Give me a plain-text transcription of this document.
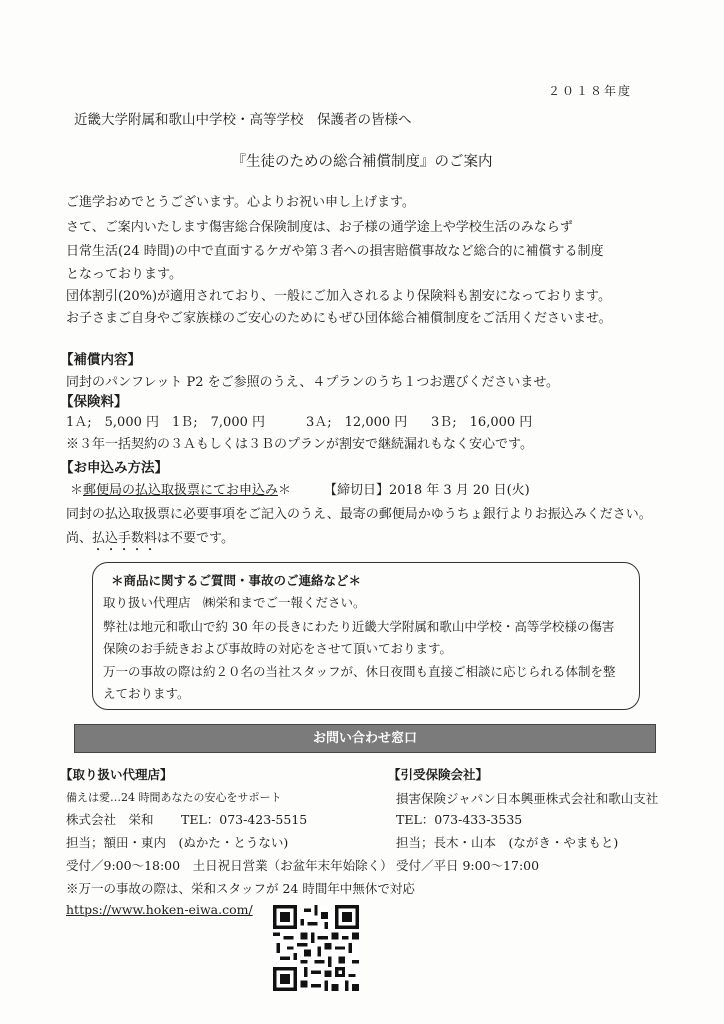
２０１８年度
近畿大学附属和歌山中学校・高等学校　保護者の皆様へ
『生徒のための総合補償制度』のご案内
ご進学おめでとうございます。心よりお祝い申し上げます。
さて、ご案内いたします傷害総合保険制度は、お子様の通学途上や学校生活のみならず
日常生活(24 時間)の中で直面するケガや第３者への損害賠償事故など総合的に補償する制度
となっております。
団体割引(20%)が適用されており、一般にご加入されるより保険料も割安になっております。
お子さまご自身やご家族様のご安心のためにもぜひ団体総合補償制度をご活用くださいませ。
【補償内容】
同封のパンフレット P2 をご参照のうえ、４プランのうち１つお選びくださいませ。
【保険料】
1Ａ;　5,000 円 1Ｂ;　7,000 円	3Ａ;　12,000 円 3Ｂ;　16,000 円
※３年一括契約の３Ａもしくは３Ｂのプランが割安で継続漏れもなく安心です。
【お申込み方法】
＊郵便局の払込取扱票にてお申込み＊	【締切日】2018 年 3 月 20 日(火)
同封の払込取扱票に必要事項をご記入のうえ、最寄の郵便局かゆうちょ銀行よりお振込みください。
尚、払込手数料は不要です。
＊商品に関するご質問・事故のご連絡など＊
取り扱い代理店　㈱栄和までご一報ください。
弊社は地元和歌山で約 30 年の長きにわたり近畿大学附属和歌山中学校・高等学校様の傷害
保険のお手続きおよび事故時の対応をさせて頂いております。
万一の事故の際は約２０名の当社スタッフが、休日夜間も直接ご相談に応じられる体制を整
えております。
お問い合わせ窓口
【取り扱い代理店】
備えは愛…24 時間あなたの安心をサポート
株式会社　栄和 TEL：073-423-5515
担当；額田・東内　(ぬかた・とうない)
受付／9:00～18:00　土日祝日営業（お盆年末年始除く）
※万一の事故の際は、栄和スタッフが 24 時間年中無休で対応
https://www.hoken-eiwa.com/
【引受保険会社】
損害保険ジャパン日本興亜株式会社和歌山支社
TEL：073-433-3535
担当；長木・山本　(ながき・やまもと)
受付／平日 9:00～17:00
